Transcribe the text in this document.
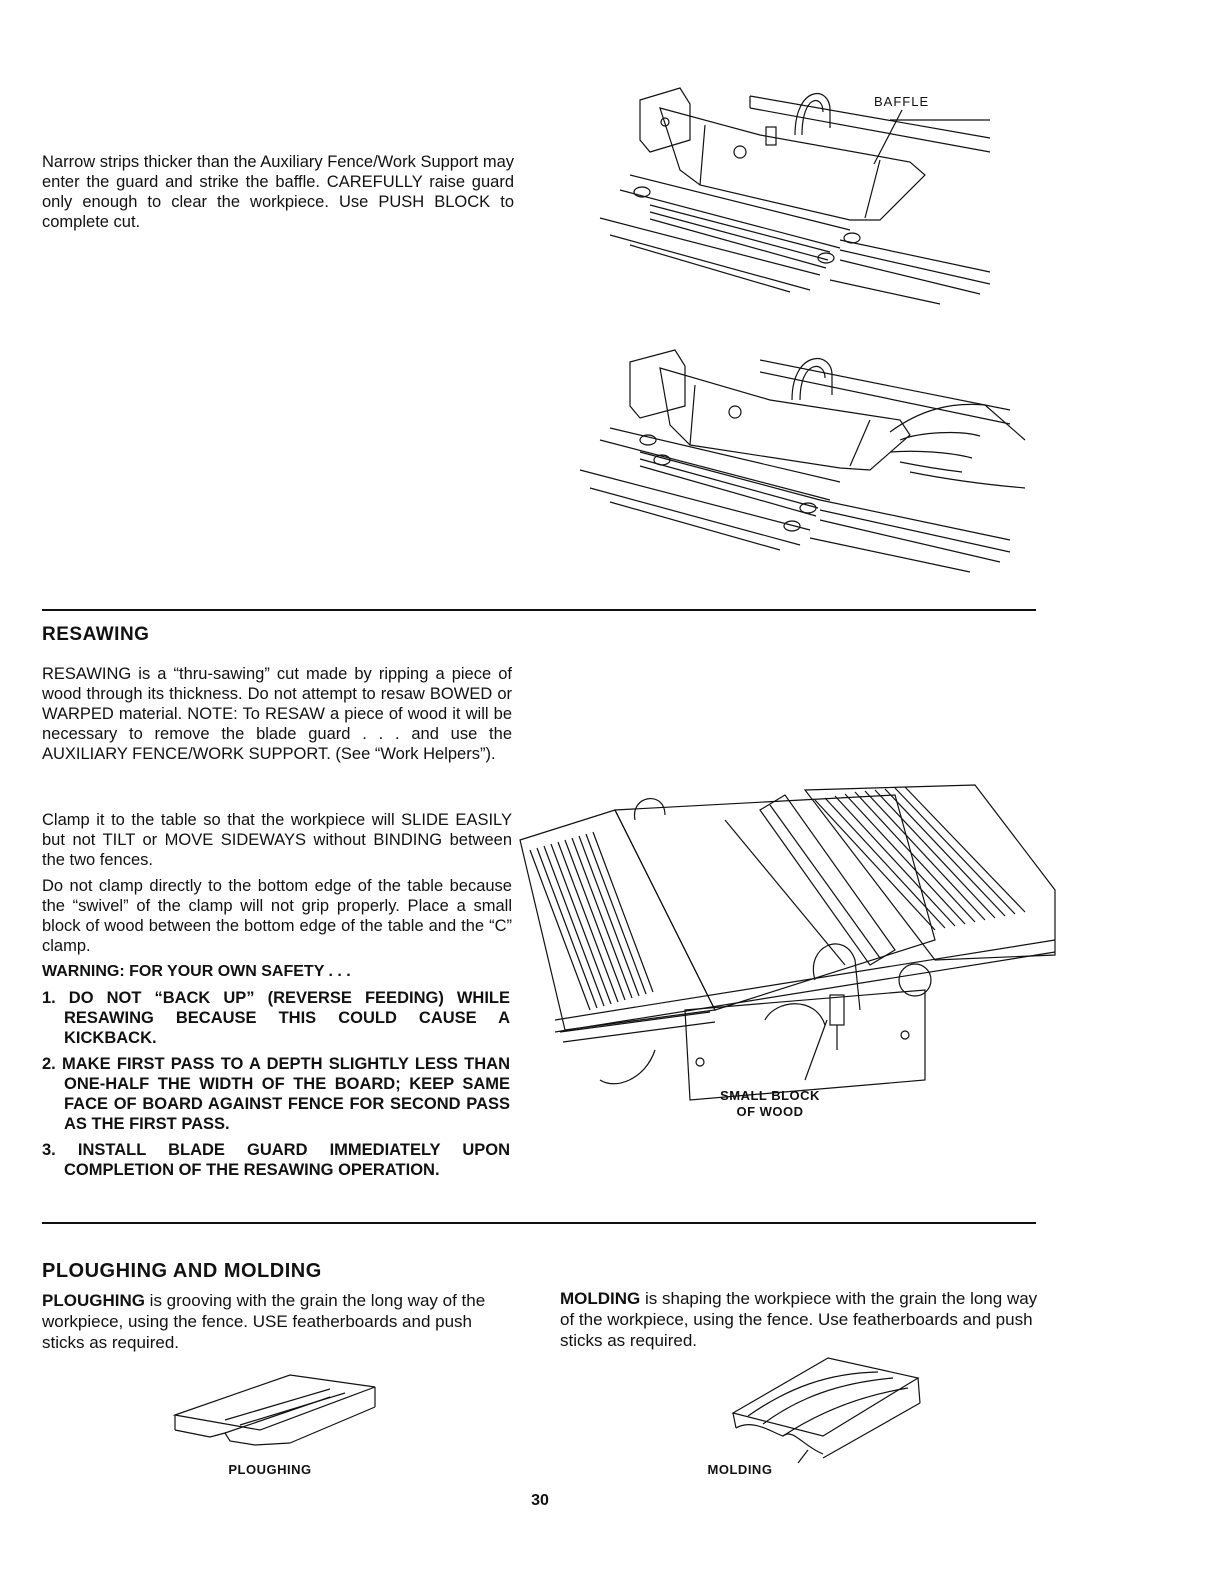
Narrow strips thicker than the Auxiliary Fence/Work Support may enter the guard and strike the baffle. CAREFULLY raise guard only enough to clear the workpiece. Use PUSH BLOCK to complete cut.

BAFFLE
RESAWING

RESAWING is a “thru-sawing” cut made by ripping a piece of wood through its thickness. Do not attempt to resaw BOWED or WARPED material. NOTE: To RESAW a piece of wood it will be necessary to remove the blade guard . . . and use the AUXILIARY FENCE/WORK SUPPORT. (See “Work Helpers”).

Clamp it to the table so that the workpiece will SLIDE EASILY but not TILT or MOVE SIDEWAYS without BINDING between the two fences.

Do not clamp directly to the bottom edge of the table because the “swivel” of the clamp will not grip properly. Place a small block of wood between the bottom edge of the table and the “C” clamp.

WARNING: FOR YOUR OWN SAFETY . . .

1. DO NOT “BACK UP” (REVERSE FEEDING) WHILE RESAWING BECAUSE THIS COULD CAUSE A KICKBACK.
2. MAKE FIRST PASS TO A DEPTH SLIGHTLY LESS THAN ONE-HALF THE WIDTH OF THE BOARD; KEEP SAME FACE OF BOARD AGAINST FENCE FOR SECOND PASS AS THE FIRST PASS.
3. INSTALL BLADE GUARD IMMEDIATELY UPON COMPLETION OF THE RESAWING OPERATION.
SMALL BLOCK
OF WOOD
PLOUGHING AND MOLDING

PLOUGHING is grooving with the grain the long way of the workpiece, using the fence. USE featherboards and push sticks as required.

MOLDING is shaping the workpiece with the grain the long way of the workpiece, using the fence. Use featherboards and push sticks as required.

PLOUGHING	MOLDING
30
